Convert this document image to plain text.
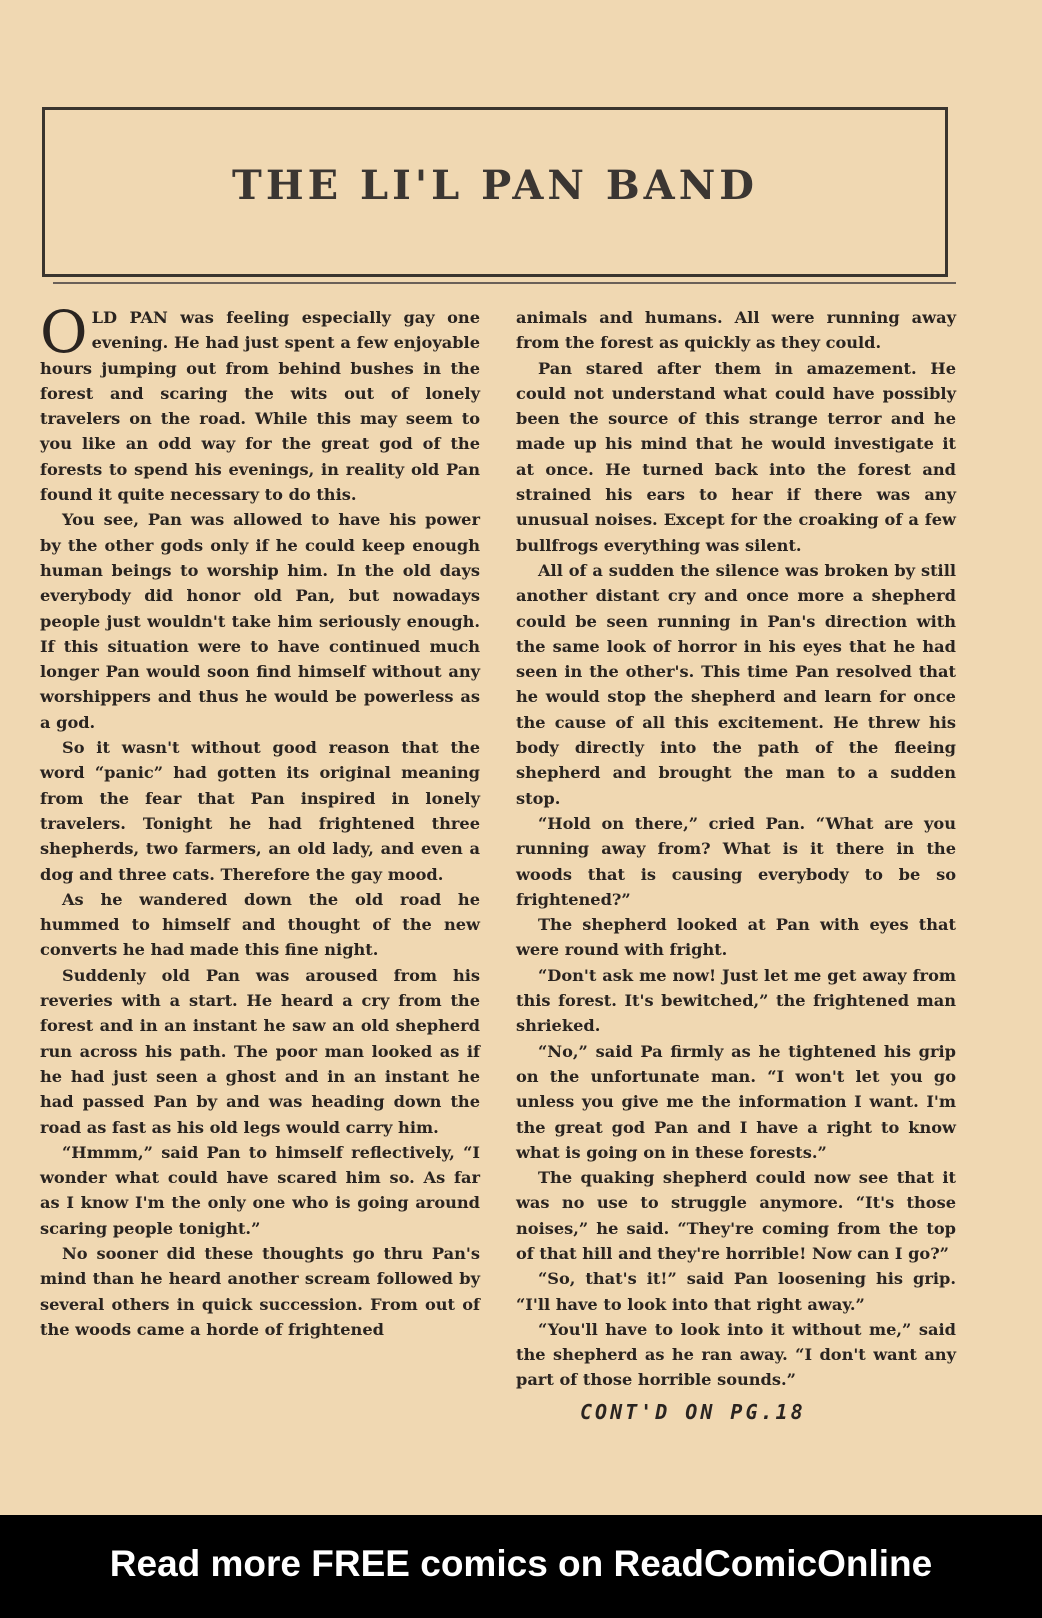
THE LI'L PAN BAND

OLD PAN was feeling especially gay one evening. He had just spent a few enjoyable hours jumping out from behind bushes in the forest and scaring the wits out of lonely travelers on the road. While this may seem to you like an odd way for the great god of the forests to spend his evenings, in reality old Pan found it quite necessary to do this.

You see, Pan was allowed to have his power by the other gods only if he could keep enough human beings to worship him. In the old days everybody did honor old Pan, but nowadays people just wouldn't take him seriously enough. If this situation were to have continued much longer Pan would soon find himself without any worshippers and thus he would be powerless as a god.

So it wasn't without good reason that the word “panic” had gotten its original meaning from the fear that Pan inspired in lonely travelers. Tonight he had frightened three shepherds, two farmers, an old lady, and even a dog and three cats. Therefore the gay mood.

As he wandered down the old road he hummed to himself and thought of the new converts he had made this fine night.

Suddenly old Pan was aroused from his reveries with a start. He heard a cry from the forest and in an instant he saw an old shepherd run across his path. The poor man looked as if he had just seen a ghost and in an instant he had passed Pan by and was heading down the road as fast as his old legs would carry him.

“Hmmm,” said Pan to himself reflectively, “I wonder what could have scared him so. As far as I know I'm the only one who is going around scaring people tonight.”

No sooner did these thoughts go thru Pan's mind than he heard another scream followed by several others in quick succession. From out of the woods came a horde of frightened

animals and humans. All were running away from the forest as quickly as they could.

Pan stared after them in amazement. He could not understand what could have possibly been the source of this strange terror and he made up his mind that he would investigate it at once. He turned back into the forest and strained his ears to hear if there was any unusual noises. Except for the croaking of a few bullfrogs everything was silent.

All of a sudden the silence was broken by still another distant cry and once more a shepherd could be seen running in Pan's direction with the same look of horror in his eyes that he had seen in the other's. This time Pan resolved that he would stop the shepherd and learn for once the cause of all this excitement. He threw his body directly into the path of the fleeing shepherd and brought the man to a sudden stop.

“Hold on there,” cried Pan. “What are you running away from? What is it there in the woods that is causing everybody to be so frightened?”

The shepherd looked at Pan with eyes that were round with fright.

“Don't ask me now! Just let me get away from this forest. It's bewitched,” the frightened man shrieked.

“No,” said Pa firmly as he tightened his grip on the unfortunate man. “I won't let you go unless you give me the information I want. I'm the great god Pan and I have a right to know what is going on in these forests.”

The quaking shepherd could now see that it was no use to struggle anymore. “It's those noises,” he said. “They're coming from the top of that hill and they're horrible! Now can I go?”

“So, that's it!” said Pan loosening his grip. “I'll have to look into that right away.”

“You'll have to look into it without me,” said the shepherd as he ran away. “I don't want any part of those horrible sounds.”

CONT'D ON PG.18
Read more FREE comics on ReadComicOnline
